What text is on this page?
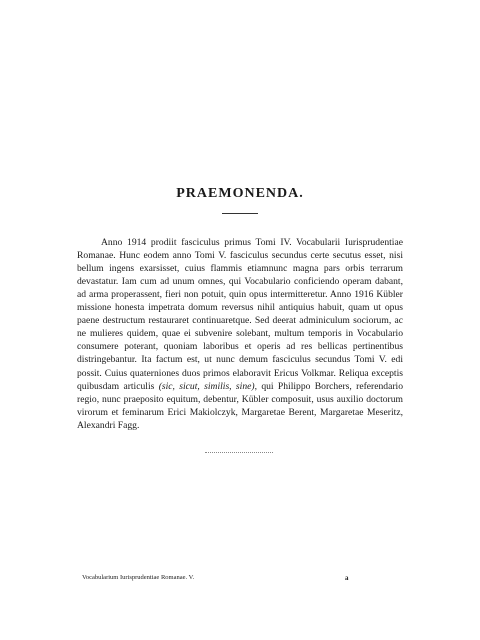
PRAEMONENDA.

Anno 1914 prodiit fasciculus primus Tomi IV. Vocabularii Iurisprudentiae Romanae. Hunc eodem anno Tomi V. fasciculus secundus certe secutus esset, nisi bellum ingens exarsisset, cuius flammis etiamnunc magna pars orbis terrarum devastatur. Iam cum ad unum omnes, qui Vocabulario conficiendo operam dabant, ad arma properassent, fieri non potuit, quin opus intermitteretur. Anno 1916 Kübler missione honesta impetrata domum reversus nihil antiquius habuit, quam ut opus paene destructum restauraret continuaretque. Sed deerat adminiculum sociorum, ac ne mulieres quidem, quae ei subvenire solebant, multum temporis in Vocabulario consumere poterant, quoniam laboribus et operis ad res bellicas pertinentibus distringebantur. Ita factum est, ut nunc demum fasciculus secundus Tomi V. edi possit. Cuius quaterniones duos primos elaboravit Ericus Volkmar. Reliqua exceptis quibusdam articulis (sic, sicut, similis, sine), qui Philippo Borchers, referendario regio, nunc praeposito equitum, debentur, Kübler composuit, usus auxilio doctorum virorum et feminarum Erici Makiolczyk, Margaretae Berent, Margaretae Meseritz, Alexandri Fagg.

Vocabularium Iurisprudentiae Romanae. V.	a
